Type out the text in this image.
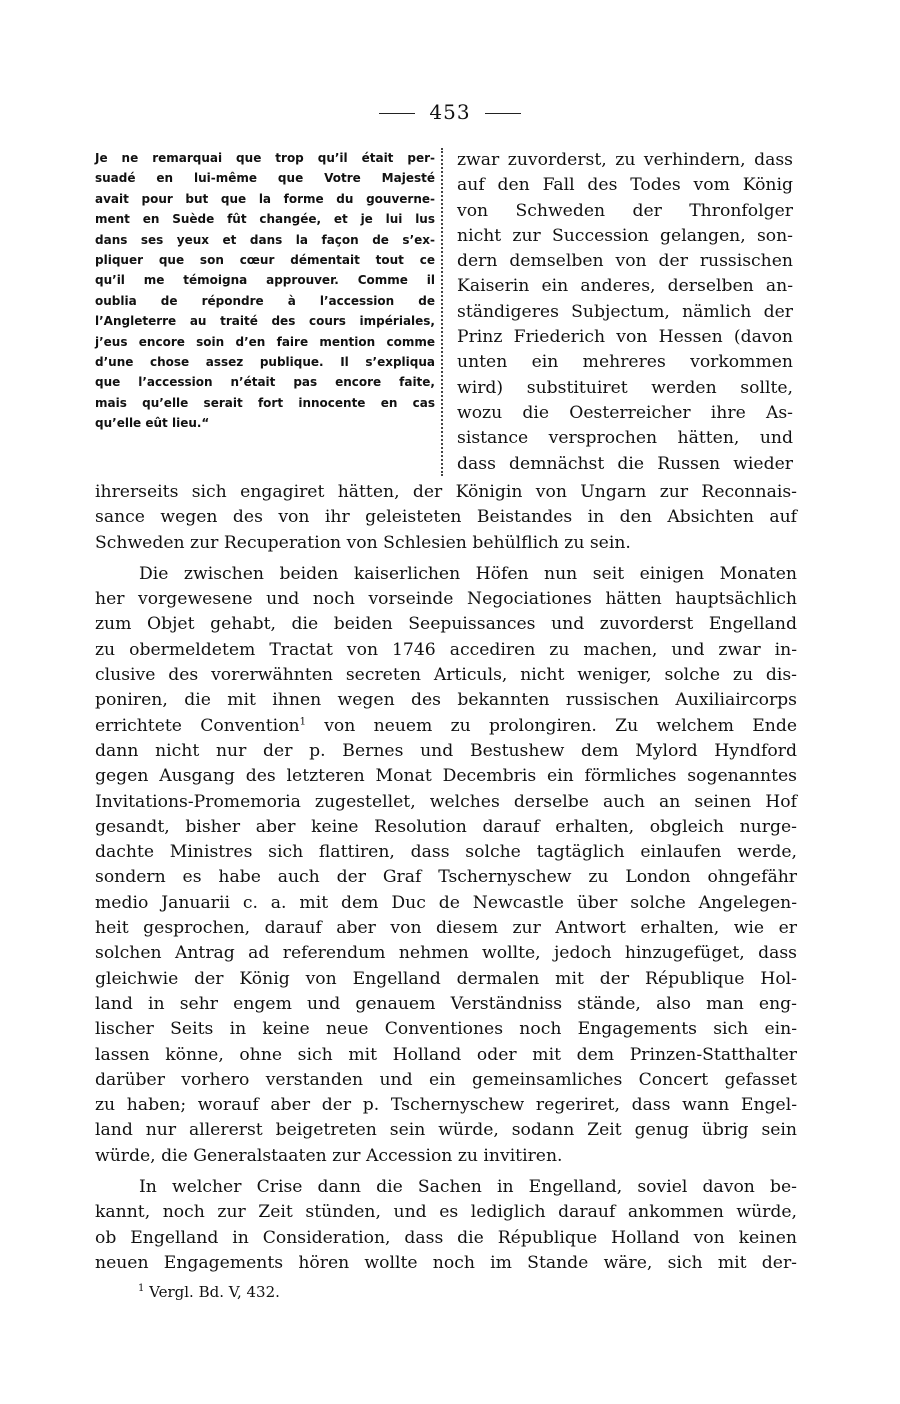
453
Je ne remarquai que trop qu’il était per-
suadé en lui-même que Votre Majesté
avait pour but que la forme du gouverne-
ment en Suède fût changée, et je lui lus
dans ses yeux et dans la façon de s’ex-
pliquer que son cœur démentait tout ce
qu’il me témoigna approuver. Comme il
oublia de répondre à l’accession de
l’Angleterre au traité des cours impériales,
j’eus encore soin d’en faire mention comme
d’une chose assez publique. Il s’expliqua
que l’accession n’était pas encore faite,
mais qu’elle serait fort innocente en cas
qu’elle eût lieu.“
zwar zuvorderst, zu verhindern, dass
auf den Fall des Todes vom König
von Schweden der Thronfolger
nicht zur Succession gelangen, son-
dern demselben von der russischen
Kaiserin ein anderes, derselben an-
ständigeres Subjectum, nämlich der
Prinz Friederich von Hessen (davon
unten ein mehreres vorkommen
wird) substituiret werden sollte,
wozu die Oesterreicher ihre As-
sistance versprochen hätten, und
dass demnächst die Russen wieder
ihrerseits sich engagiret hätten, der Königin von Ungarn zur Reconnais-
sance wegen des von ihr geleisteten Beistandes in den Absichten auf
Schweden zur Recuperation von Schlesien behülflich zu sein.
Die zwischen beiden kaiserlichen Höfen nun seit einigen Monaten
her vorgewesene und noch vorseinde Negociationes hätten hauptsächlich
zum Objet gehabt, die beiden Seepuissances und zuvorderst Engelland
zu obermeldetem Tractat von 1746 accediren zu machen, und zwar in-
clusive des vorerwähnten secreten Articuls, nicht weniger, solche zu dis-
poniren, die mit ihnen wegen des bekannten russischen Auxiliaircorps
errichtete Convention$^1$ von neuem zu prolongiren. Zu welchem Ende
dann nicht nur der p. Bernes und Bestushew dem Mylord Hyndford
gegen Ausgang des letzteren Monat Decembris ein förmliches sogenanntes
Invitations-Promemoria zugestellet, welches derselbe auch an seinen Hof
gesandt, bisher aber keine Resolution darauf erhalten, obgleich nurge-
dachte Ministres sich flattiren, dass solche tagtäglich einlaufen werde,
sondern es habe auch der Graf Tschernyschew zu London ohngefähr
medio Januarii c. a. mit dem Duc de Newcastle über solche Angelegen-
heit gesprochen, darauf aber von diesem zur Antwort erhalten, wie er
solchen Antrag ad referendum nehmen wollte, jedoch hinzugefüget, dass
gleichwie der König von Engelland dermalen mit der République Hol-
land in sehr engem und genauem Verständniss stände, also man eng-
lischer Seits in keine neue Conventiones noch Engagements sich ein-
lassen könne, ohne sich mit Holland oder mit dem Prinzen-Statthalter
darüber vorhero verstanden und ein gemeinsamliches Concert gefasset
zu haben; worauf aber der p. Tschernyschew regeriret, dass wann Engel-
land nur allererst beigetreten sein würde, sodann Zeit genug übrig sein
würde, die Generalstaaten zur Accession zu invitiren.
In welcher Crise dann die Sachen in Engelland, soviel davon be-
kannt, noch zur Zeit stünden, und es lediglich darauf ankommen würde,
ob Engelland in Consideration, dass die République Holland von keinen
neuen Engagements hören wollte noch im Stande wäre, sich mit der-
$^1$ Vergl. Bd. V, 432.
